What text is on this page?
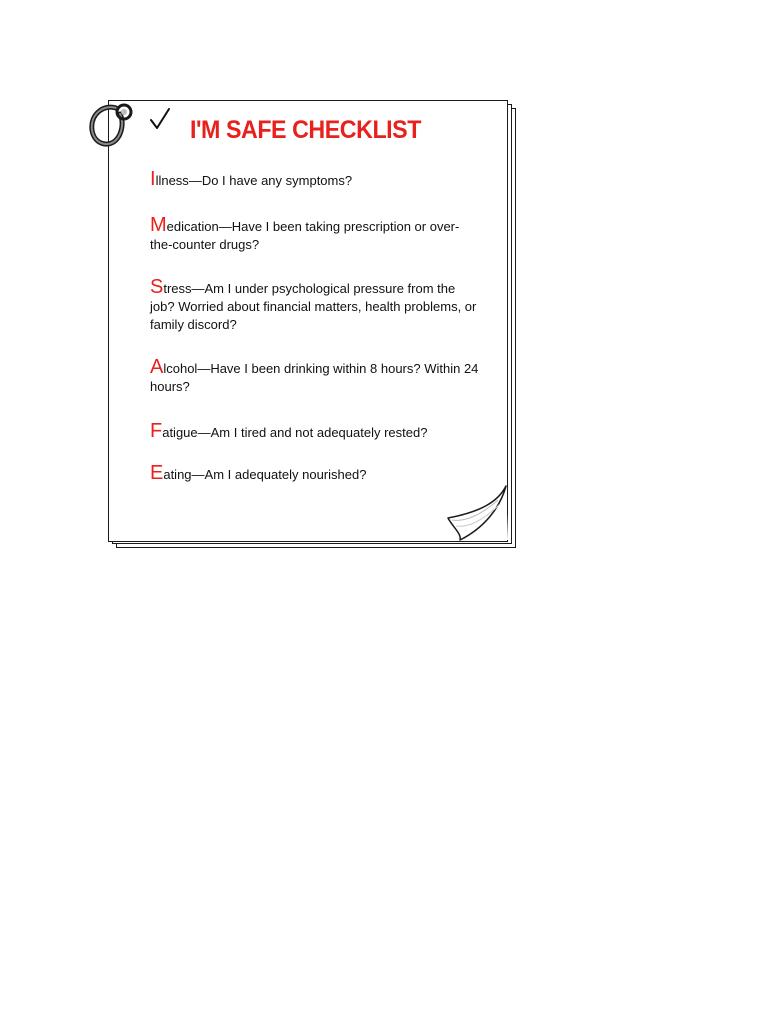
I'M SAFE CHECKLIST
Illness—Do I have any symptoms?
Medication—Have I been taking prescription or over-the-counter drugs?
Stress—Am I under psychological pressure from the job? Worried about financial matters, health problems, or family discord?
Alcohol—Have I been drinking within 8 hours? Within 24 hours?
Fatigue—Am I tired and not adequately rested?
Eating—Am I adequately nourished?
